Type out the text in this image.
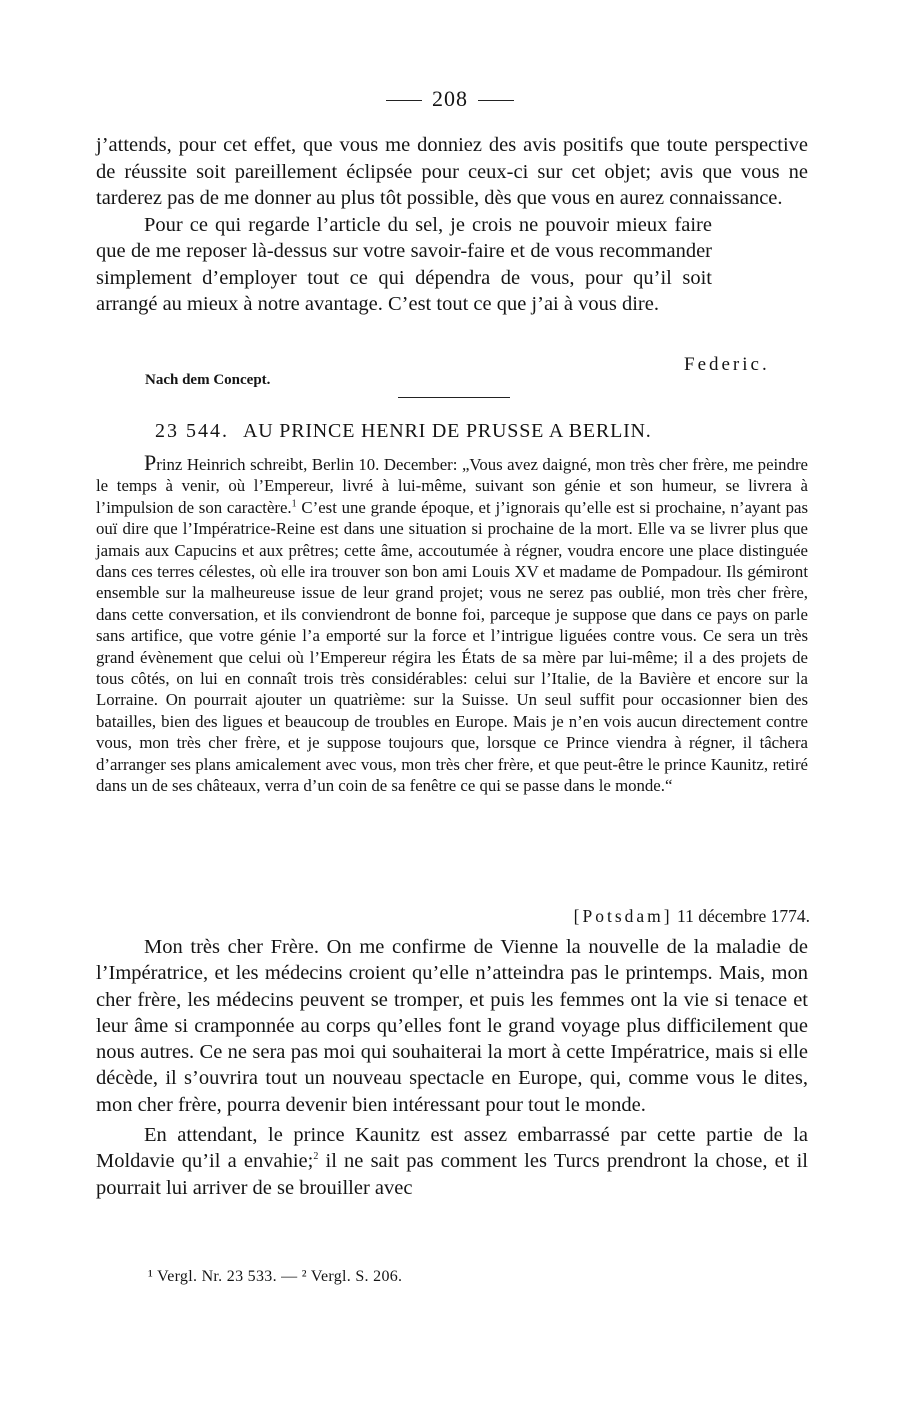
208

j’attends, pour cet effet, que vous me donniez des avis positifs que toute perspective de réussite soit pareillement éclipsée pour ceux-ci sur cet objet; avis que vous ne tarderez pas de me donner au plus tôt possible, dès que vous en aurez connaissance.

Pour ce qui regarde l’article du sel, je crois ne pouvoir mieux faire que de me reposer là-dessus sur votre savoir-faire et de vous recommander simplement d’employer tout ce qui dépendra de vous, pour qu’il soit arrangé au mieux à notre avantage. C’est tout ce que j’ai à vous dire.

Federic.
Nach dem Concept.
23 544. AU PRINCE HENRI DE PRUSSE A BERLIN.

Prinz Heinrich schreibt, Berlin 10. December: „Vous avez daigné, mon très cher frère, me peindre le temps à venir, où l’Empereur, livré à lui-même, suivant son génie et son humeur, se livrera à l’impulsion de son caractère.$^1$ C’est une grande époque, et j’ignorais qu’elle est si prochaine, n’ayant pas ouï dire que l’Impératrice-Reine est dans une situation si prochaine de la mort. Elle va se livrer plus que jamais aux Capucins et aux prêtres; cette âme, accoutumée à régner, voudra encore une place distinguée dans ces terres célestes, où elle ira trouver son bon ami Louis XV et madame de Pompadour. Ils gémiront ensemble sur la malheureuse issue de leur grand projet; vous ne serez pas oublié, mon très cher frère, dans cette conversation, et ils conviendront de bonne foi, parceque je suppose que dans ce pays on parle sans artifice, que votre génie l’a emporté sur la force et l’intrigue liguées contre vous. Ce sera un très grand évènement que celui où l’Empereur régira les États de sa mère par lui-même; il a des projets de tous côtés, on lui en connaît trois très considérables: celui sur l’Italie, de la Bavière et encore sur la Lorraine. On pourrait ajouter un quatrième: sur la Suisse. Un seul suffit pour occasionner bien des batailles, bien des ligues et beaucoup de troubles en Europe. Mais je n’en vois aucun directement contre vous, mon très cher frère, et je suppose toujours que, lorsque ce Prince viendra à régner, il tâchera d’arranger ses plans amicalement avec vous, mon très cher frère, et que peut-être le prince Kaunitz, retiré dans un de ses châteaux, verra d’un coin de sa fenêtre ce qui se passe dans le monde.“

[Potsdam] 11 décembre 1774.

Mon très cher Frère. On me confirme de Vienne la nouvelle de la maladie de l’Impératrice, et les médecins croient qu’elle n’atteindra pas le printemps. Mais, mon cher frère, les médecins peuvent se tromper, et puis les femmes ont la vie si tenace et leur âme si cramponnée au corps qu’elles font le grand voyage plus difficilement que nous autres. Ce ne sera pas moi qui souhaiterai la mort à cette Impératrice, mais si elle décède, il s’ouvrira tout un nouveau spectacle en Europe, qui, comme vous le dites, mon cher frère, pourra devenir bien intéressant pour tout le monde.

En attendant, le prince Kaunitz est assez embarrassé par cette partie de la Moldavie qu’il a envahie;$^2$ il ne sait pas comment les Turcs prendront la chose, et il pourrait lui arriver de se brouiller avec

¹ Vergl. Nr. 23 533. — ² Vergl. S. 206.
